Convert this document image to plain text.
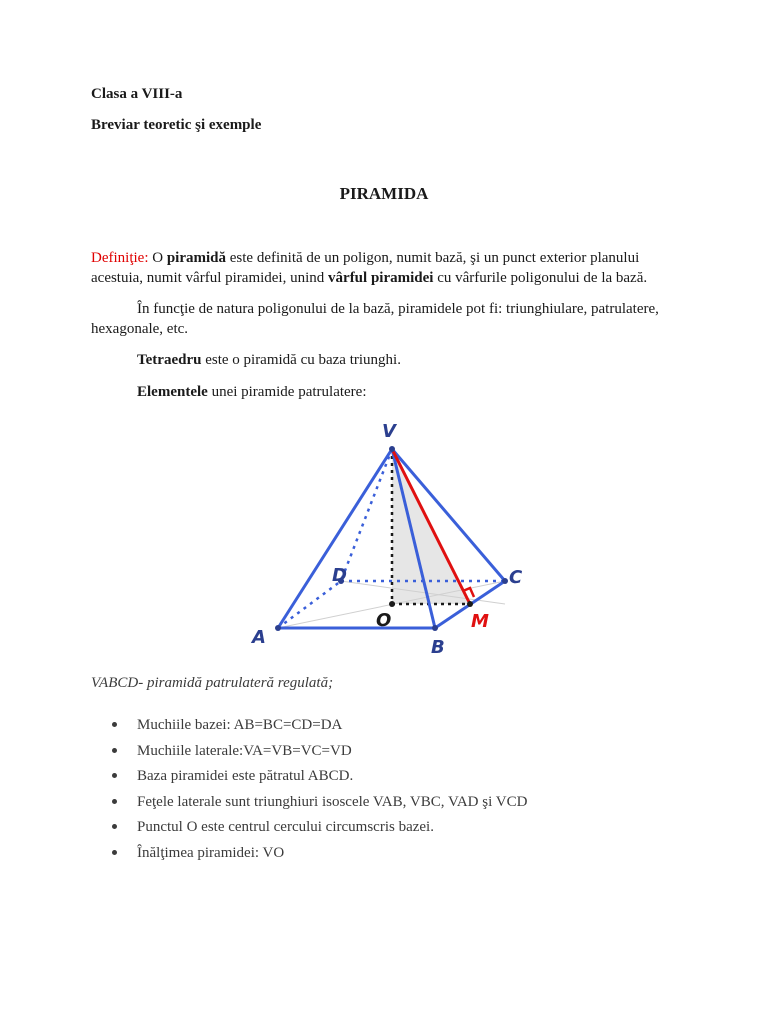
Clasa a VIII-a
Breviar teoretic şi exemple
PIRAMIDA
Definiţie: O piramidă este definită de un poligon, numit bază, şi un punct exterior planului acestuia, numit vârful piramidei, unind vârful piramidei cu vârfurile poligonului de la bază.
În funcţie de natura poligonului de la bază, piramidele pot fi: triunghiulare, patrulatere, hexagonale, etc.
Tetraedru este o piramidă cu baza triunghi.
Elementele unei piramide patrulatere:
V
A	B
C
D
O	M
VABCD- piramidă patrulateră regulată;
Muchiile bazei: AB=BC=CD=DA
Muchiile laterale:VA=VB=VC=VD
Baza piramidei este pătratul ABCD.
Feţele laterale sunt triunghiuri isoscele VAB, VBC, VAD şi VCD
Punctul O este centrul cercului circumscris bazei.
Înălţimea piramidei: VO
